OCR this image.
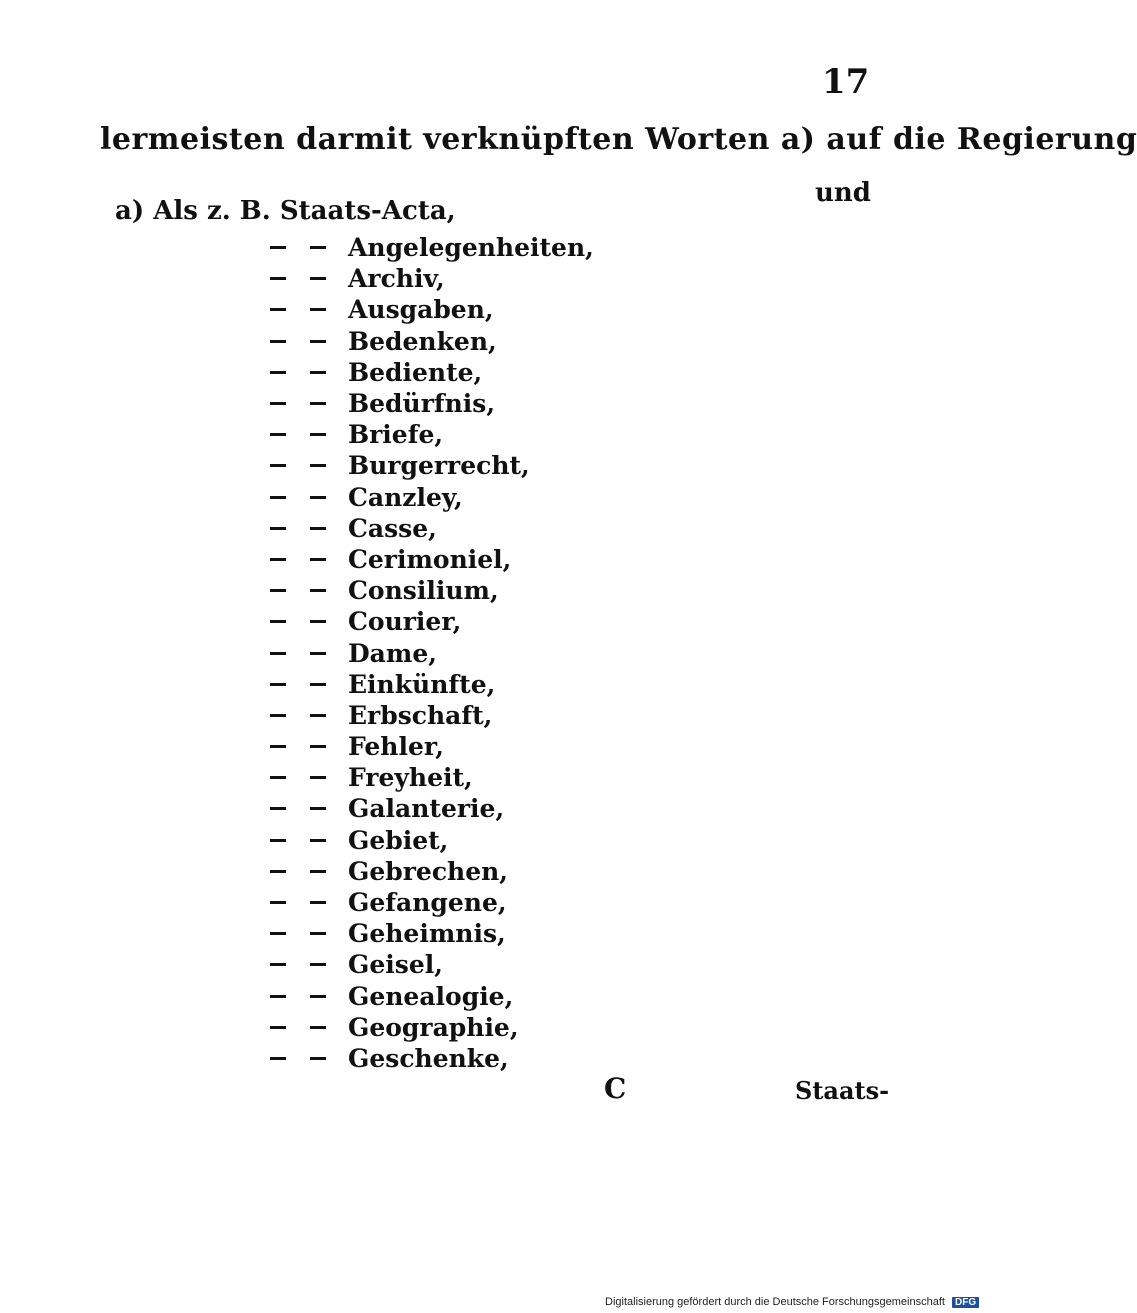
17
lermeisten darmit verknüpften Worten a) auf die Regierung
und
a) Als z. B. Staats-Acta,
Angelegenheiten,
Archiv,
Ausgaben,
Bedenken,
Bediente,
Bedürfnis,
Briefe,
Burgerrecht,
Canzley,
Casse,
Cerimoniel,
Consilium,
Courier,
Dame,
Einkünfte,
Erbschaft,
Fehler,
Freyheit,
Galanterie,
Gebiet,
Gebrechen,
Gefangene,
Geheimnis,
Geisel,
Genealogie,
Geographie,
Geschenke,
C	Staats-
Digitalisierung gefördert durch die Deutsche Forschungsgemeinschaft DFG
